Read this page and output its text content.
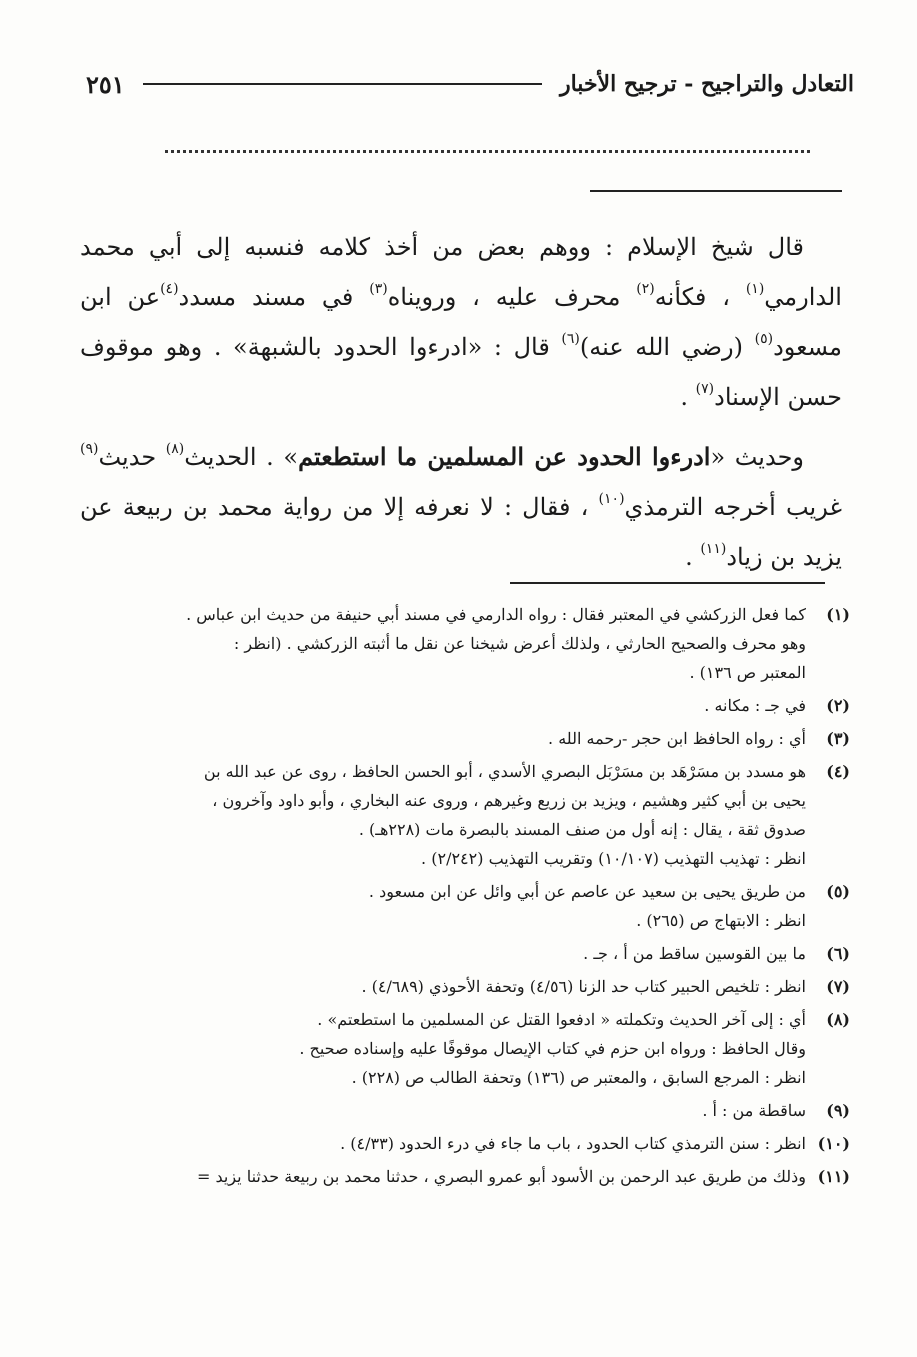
التعادل والتراجيح - ترجيح الأخبار
٢٥١

قال شيخ الإسلام : ووهم بعض من أخذ كلامه فنسبه إلى أبي محمد الدارمي$^{(١)}$ ، فكأنه$^{(٢)}$ محرف عليه ، ورويناه$^{(٣)}$ في مسند مسدد$^{(٤)}$عن ابن مسعود$^{(٥)}$ (رضي الله عنه)$^{(٦)}$ قال : «ادرءوا الحدود بالشبهة» . وهو موقوف حسن الإسناد$^{(٧)}$ .

وحديث «ادرءوا الحدود عن المسلمين ما استطعتم» . الحديث$^{(٨)}$ حديث$^{(٩)}$ غريب أخرجه الترمذي$^{(١٠)}$ ، فقال : لا نعرفه إلا من رواية محمد بن ربيعة عن يزيد بن زياد$^{(١١)}$ .

(١)
كما فعل الزركشي في المعتبر فقال : رواه الدارمي في مسند أبي حنيفة من حديث ابن عباس .
وهو محرف والصحيح الحارثي ، ولذلك أعرض شيخنا عن نقل ما أثبته الزركشي . (انظر :
المعتبر ص ١٣٦) .
(٢)
في جـ : مكانه .
(٣)
أي : رواه الحافظ ابن حجر -رحمه الله .
(٤)
هو مسدد بن مسَرْهَد بن مسَرْبَل البصري الأسدي ، أبو الحسن الحافظ ، روى عن عبد الله بن
يحيى بن أبي كثير وهشيم ، ويزيد بن زريع وغيرهم ، وروى عنه البخاري ، وأبو داود وآخرون ،
صدوق ثقة ، يقال : إنه أول من صنف المسند بالبصرة مات (٢٢٨هـ) .
انظر : تهذيب التهذيب (١٠/١٠٧) وتقريب التهذيب (٢/٢٤٢) .
(٥)
من طريق يحيى بن سعيد عن عاصم عن أبي وائل عن ابن مسعود .
انظر : الابتهاج ص (٢٦٥) .
(٦)
ما بين القوسين ساقط من أ ، جـ .
(٧)
انظر : تلخيص الحبير كتاب حد الزنا (٤/٥٦) وتحفة الأحوذي (٤/٦٨٩) .
(٨)
أي : إلى آخر الحديث وتكملته « ادفعوا القتل عن المسلمين ما استطعتم» .
وقال الحافظ : ورواه ابن حزم في كتاب الإيصال موقوفًا عليه وإسناده صحيح .
انظر : المرجع السابق ، والمعتبر ص (١٣٦) وتحفة الطالب ص (٢٢٨) .
(٩)
ساقطة من : أ .
(١٠)
انظر : سنن الترمذي كتاب الحدود ، باب ما جاء في درء الحدود (٤/٣٣) .
(١١)
وذلك من طريق عبد الرحمن بن الأسود أبو عمرو البصري ، حدثنا محمد بن ربيعة حدثنا يزيد =
